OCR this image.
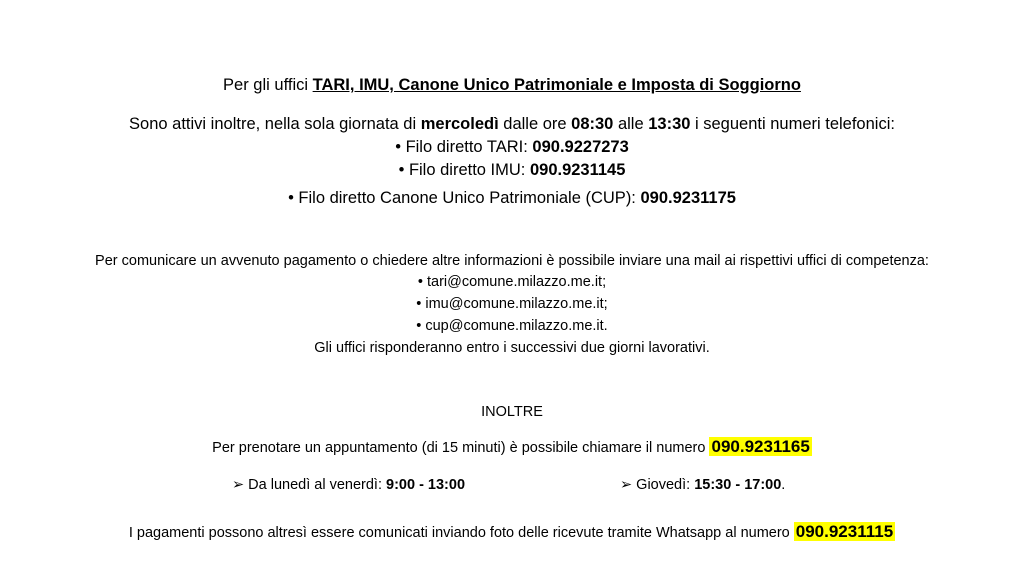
Per gli uffici TARI, IMU, Canone Unico Patrimoniale e Imposta di Soggiorno
Sono attivi inoltre, nella sola giornata di mercoledì dalle ore 08:30 alle 13:30 i seguenti numeri telefonici:
• Filo diretto TARI: 090.9227273
• Filo diretto IMU: 090.9231145
• Filo diretto Canone Unico Patrimoniale (CUP): 090.9231175
Per comunicare un avvenuto pagamento o chiedere altre informazioni è possibile inviare una mail ai rispettivi uffici di competenza:
• tari@comune.milazzo.me.it;
• imu@comune.milazzo.me.it;
• cup@comune.milazzo.me.it.
Gli uffici risponderanno entro i successivi due giorni lavorativi.
INOLTRE
Per prenotare un appuntamento (di 15 minuti) è possibile chiamare il numero 090.9231165
➢ Da lunedì al venerdì: 9:00 - 13:00	➢ Giovedì: 15:30 - 17:00.
I pagamenti possono altresì essere comunicati inviando foto delle ricevute tramite Whatsapp al numero 090.9231115
